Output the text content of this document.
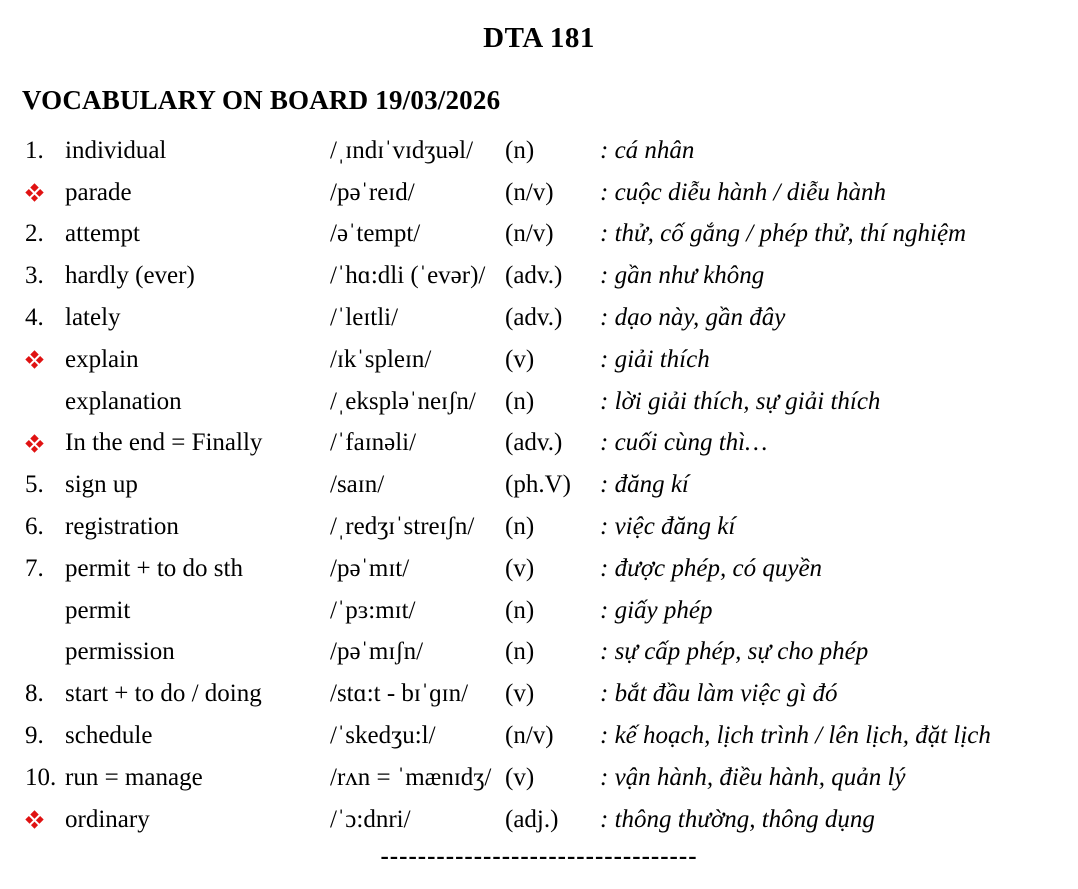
DTA 181
VOCABULARY ON BOARD 19/03/2026
1. individual	/ˌɪndɪˈvɪdʒuəl/	(n)	: cá nhân
parade	/pəˈreɪd/	(n/v) : cuộc diễu hành / diễu hành
2. attempt	/əˈtempt/	(n/v) : thử, cố gắng / phép thử, thí nghiệm
3. hardly (ever)	/ˈhɑ:dli (ˈevər)/ (adv.) : gần như không
4. lately	/ˈleɪtli/	(adv.) : dạo này, gần đây
explain	/ɪkˈspleɪn/	(v)	: giải thích
explanation	/ˌekspləˈneɪʃn/	(n)	: lời giải thích, sự giải thích
In the end = Finally	/ˈfaɪnəli/	(adv.) : cuối cùng thì…
5. sign up	/saɪn/	(ph.V) : đăng kí
6. registration	/ˌredʒɪˈstreɪʃn/	(n)	: việc đăng kí
7. permit + to do sth	/pəˈmɪt/	(v)	: được phép, có quyền
permit	/ˈpɜ:mɪt/	(n)	: giấy phép
permission	/pəˈmɪʃn/	(n)	: sự cấp phép, sự cho phép
8. start + to do / doing	/stɑ:t - bɪˈɡɪn/	(v)	: bắt đầu làm việc gì đó
9. schedule	/ˈskedʒu:l/	(n/v) : kế hoạch, lịch trình / lên lịch, đặt lịch
10. run = manage	/rʌn = ˈmænɪdʒ/ (v)	: vận hành, điều hành, quản lý
ordinary	/ˈɔ:dnri/	(adj.) : thông thường, thông dụng
----------------------------------
